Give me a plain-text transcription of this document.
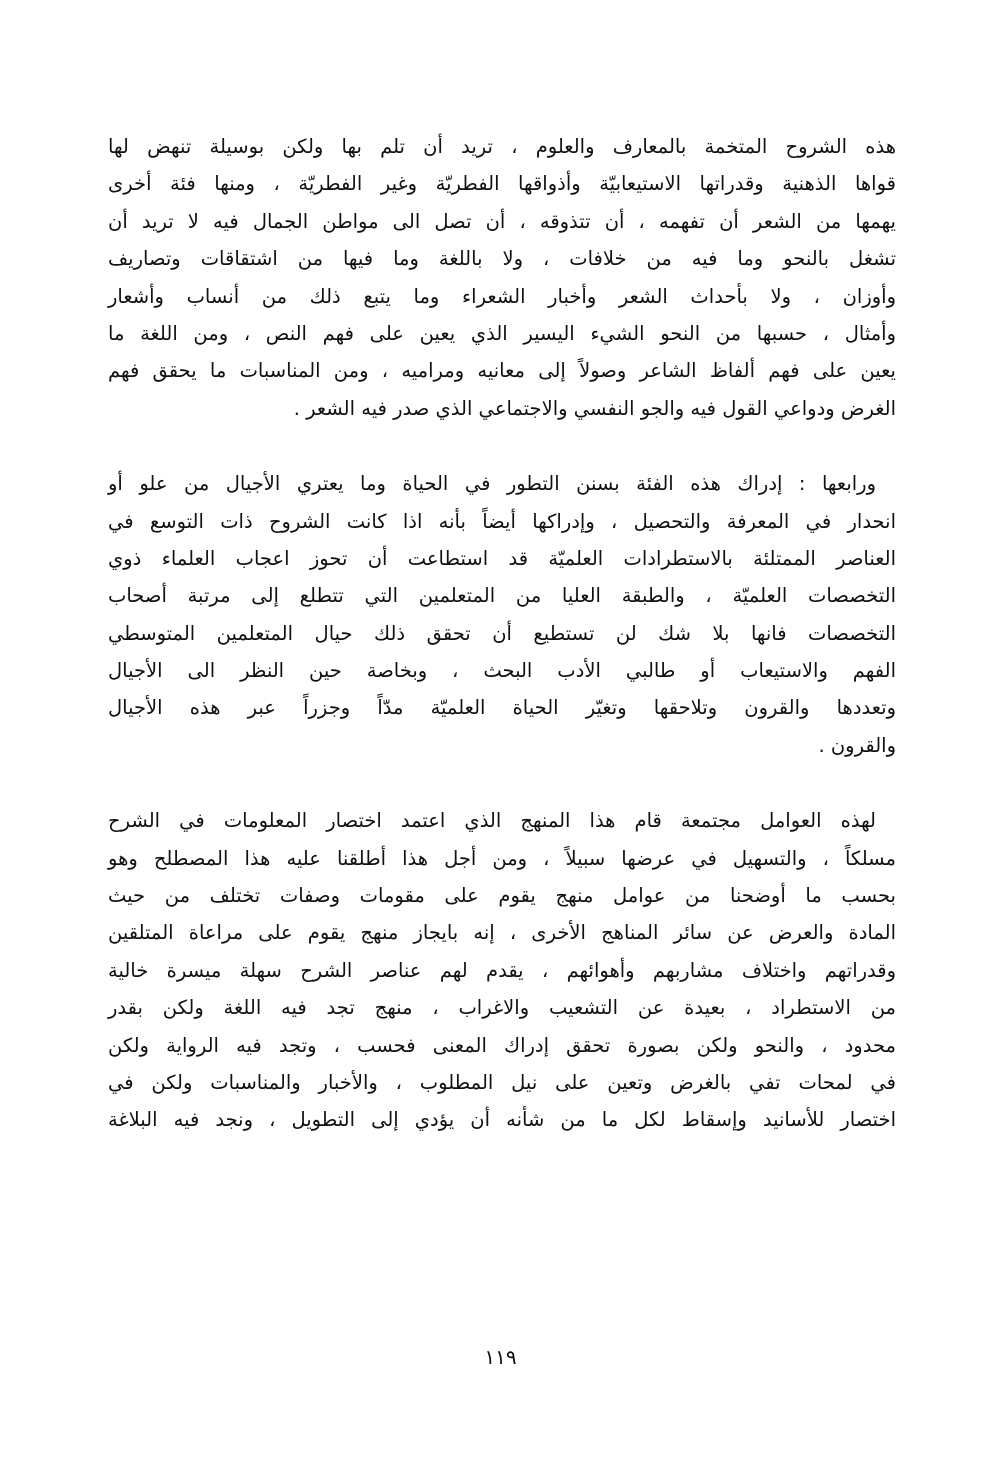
هذه الشروح المتخمة بالمعارف والعلوم ، تريد أن تلم بها ولكن بوسيلة تنهض لها
قواها الذهنية وقدراتها الاستيعابيّة وأذواقها الفطريّة وغير الفطريّة ، ومنها فئة أخرى
يهمها من الشعر أن تفهمه ، أن تتذوقه ، أن تصل الى مواطن الجمال فيه لا تريد أن
تشغل بالنحو وما فيه من خلافات ، ولا باللغة وما فيها من اشتقاقات وتصاريف
وأوزان ، ولا بأحداث الشعر وأخبار الشعراء وما يتبع ذلك من أنساب وأشعار
وأمثال ، حسبها من النحو الشيء اليسير الذي يعين على فهم النص ، ومن اللغة ما
يعين على فهم ألفاظ الشاعر وصولاً إلى معانيه ومراميه ، ومن المناسبات ما يحقق فهم
الغرض ودواعي القول فيه والجو النفسي والاجتماعي الذي صدر فيه الشعر .
ورابعها : إدراك هذه الفئة بسنن التطور في الحياة وما يعتري الأجيال من علو أو
انحدار في المعرفة والتحصيل ، وإدراكها أيضاً بأنه اذا كانت الشروح ذات التوسع في
العناصر الممتلئة بالاستطرادات العلميّة قد استطاعت أن تحوز اعجاب العلماء ذوي
التخصصات العلميّة ، والطبقة العليا من المتعلمين التي تتطلع إلى مرتبة أصحاب
التخصصات فانها بلا شك لن تستطيع أن تحقق ذلك حيال المتعلمين المتوسطي
الفهم والاستيعاب أو طالبي الأدب البحث ، وبخاصة حين النظر الى الأجيال
وتعددها والقرون وتلاحقها وتغيّر الحياة العلميّة مدّاً وجزراً عبر هذه الأجيال
والقرون .
لهذه العوامل مجتمعة قام هذا المنهج الذي اعتمد اختصار المعلومات في الشرح
مسلكاً ، والتسهيل في عرضها سبيلاً ، ومن أجل هذا أطلقنا عليه هذا المصطلح وهو
بحسب ما أوضحنا من عوامل منهج يقوم على مقومات وصفات تختلف من حيث
المادة والعرض عن سائر المناهج الأخرى ، إنه بايجاز منهج يقوم على مراعاة المتلقين
وقدراتهم واختلاف مشاربهم وأهوائهم ، يقدم لهم عناصر الشرح سهلة ميسرة خالية
من الاستطراد ، بعيدة عن التشعيب والاغراب ، منهج تجد فيه اللغة ولكن بقدر
محدود ، والنحو ولكن بصورة تحقق إدراك المعنى فحسب ، وتجد فيه الرواية ولكن
في لمحات تفي بالغرض وتعين على نيل المطلوب ، والأخبار والمناسبات ولكن في
اختصار للأسانيد وإسقاط لكل ما من شأنه أن يؤدي إلى التطويل ، ونجد فيه البلاغة
١١٩
